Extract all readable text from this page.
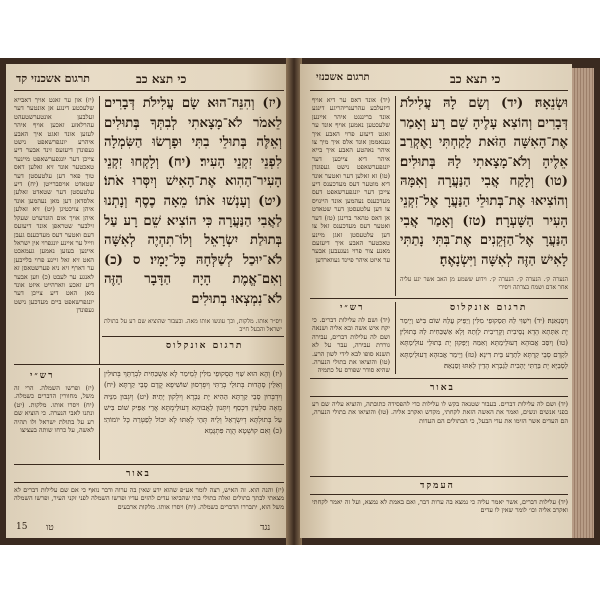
תרגום אשכנזי קד	כי תצא כב
(יז) און ער זאגט אויך דאבייא שלעכטע דינגע אן אונטער דער זעלבען אונטערשטעהט עהרלאזע זאכען אויף איהר לעזען אונד זאגט איך האבע איהרע יונגפרשאפט נישט געפונדן דיעזעס זינד אבער דיע צייכן דער יונגפערשאפט מיינער טאכטער אונד זיא זאלען דאס טוך פאר דען עלטעסטן דער שטאדט אויסברייטן (יח) דיע עלטעסטן דער שטאדט זאלען אלסדאן דען מאן נעהמען אונד איהן צויכטיגן (יט) זיא זאלען איהן אויך אום הונדערט שעקל זילבער שטראפן אונד דיעזעס דעם ואטער דעס מעדכענס געבן ווייל ער איינע יונגפרוי אין ישראל איינען בעזען נאמען געמאכט האט זיא זאל זיינע פרוי בלייבען ער דארף זיא ניא פערשטאסן זא לאנגע ער לעבט (כ) ווען אבער דיע זאכע ווארהייט איזט אונד מאן האט דיע צייכן דער יונגפרשאפט ביים מעדכען נישט געפונדן
(יז) וְהִנֵּה־הוּא שָׂם עֲלִילֹת דְּבָרִים לֵאמֹר לֹא־מָצָאתִי לְבִתְּךָ בְּתוּלִים וְאֵלֶּה בְּתוּלֵי בִתִּי וּפָרְשׂוּ הַשִּׂמְלָה לִפְנֵי זִקְנֵי הָעִיר׃ (יח) וְלָקְחוּ זִקְנֵי הָעִיר־הַהִוא אֶת־הָאִישׁ וְיִסְּרוּ אֹתוֹ׃ (יט) וְעָנְשׁוּ אֹתוֹ מֵאָה כֶסֶף וְנָתְנוּ לַאֲבִי הַנַּעֲרָה כִּי הוֹצִיא שֵׁם רָע עַל בְּתוּלַת יִשְׂרָאֵל וְלוֹ־תִהְיֶה לְאִשָּׁה לֹא־יוּכַל לְשַׁלְּחָהּ כָּל־יָמָיו׃ ס (כ) וְאִם־אֱמֶת הָיָה הַדָּבָר הַזֶּה לֹא־נִמְצְאוּ בְתוּלִים
ויס״ר אותו. מלקות, וכך עונשו אותו מאה. ובעבור שהוציא שם רע על בתולת ישראל והבעל חייב
תרגום אונקלוס
רש״י
(יז) ופרשו השמלה. הרי זה משל, מחוורין הדברים כשמלה. (יח) ויסרו אותו. מלקות. (יט) ונתנו לאבי הנערה. כי הוציא שם רע על בתולת ישראל ולו תהיה לאשה, על כרחו שותה בעציצו
(יז) וְהָא הוּא שַׁוִּי תַּסְקוּפֵי מִלִּין לְמֵימַר לָא אַשְׁכַּחִית לִבְרַתָּךְ בְּתוּלִין וְאִלֵּין סָהֲדוּת בְּתוּלֵי בְרַתִּי וְיִפְרְסוּן שׁוֹשִׁיפָא קֳדָם סָבֵי קַרְתָּא׃ (יח) וְיִדְבְּרוּן סָבֵי קַרְתָּא הַהִיא יָת גַּבְרָא וְיִלְקוּן יָתֵיהּ׃ (יט) וְיִגְבּוּן מִנֵּיהּ מְאָה סִלְעִין דִּכְסַף וְיִתְּנוּן לַאֲבוּהָא דְעוּלֵימְתָּא אֲרֵי אַפֵּיק שׁוֹם בִּישׁ עַל בְּתוּלְתָּא דְיִשְׂרָאֵל וְלֵיהּ תְּהֵי לְאִתּוּ לָא יִכּוֹל לְפַטְּרַהּ כָּל יוֹמוֹהִי׃ (כ) וְאִם קוּשְׁטָא הֲוָה פִּתְגָּמָא
באור
(יז) והנה הוא. זה האיש, רצה לומר אע״פ שהוא ידע שאין בה ערוה ודבר נואף כי אם שם עלילות דברים לא מצאתי לבתך בתולים ואלה בתולי בתי שהביאו עדים להזים עדיו ופרשו השמלה לפני זקני העיר, ופרשו השמלה משל הוא, יתבררו הדברים כשמלה. (יח) ויסרו אותו. מלקות ארבעים
נגד
טו
15
תרגום אשכנזי	כי תצא כב
(יד) אונד דאס ער דיא אויף דיזעלבע עהרענריהריגע דינגע אונד בריננגט איהר איינען שלעכטען נאמען אויף אונד ער זאגט דיעזע פרוי האבע איך גענאממן אונד אלס איך מיך צו איהר נאהטע האבע איך בייא איהר דיא צייכען דער יונגפערשאפט נישט געפונדן (טו) זא זאלען דער ואטער אונד דיא מוטער דעס מעדכענס דיע צייכן דער יונגפערשאפט דעס מעדכענס נעהמען אונד היינויס צו דען עלטעסטן דער שטאדט אן דאס טהאר ברינגן (טז) דער ואטער דעס מעדכענס זאל צו דען עלטעסטן זאגן מיינע טאכטער האבע איך דיעזעם מאנע צור פרוי געגעבען אבער ער איזט איהר פיינד געווארדען
וּשְׂנֵאָהּ׃ (יד) וְשָׂם לָהּ עֲלִילֹת דְּבָרִים וְהוֹצִא עָלֶיהָ שֵׁם רָע וְאָמַר אֶת־הָאִשָּׁה הַזֹּאת לָקַחְתִּי וָאֶקְרַב אֵלֶיהָ וְלֹא־מָצָאתִי לָהּ בְּתוּלִים׃ (טו) וְלָקַח אֲבִי הַנַּעֲרָה וְאִמָּהּ וְהוֹצִיאוּ אֶת־בְּתוּלֵי הַנַּעֲרָ אֶל־זִקְנֵי הָעִיר הַשָּׁעְרָה׃ (טז) וְאָמַר אֲבִי הַנַּעֲרָ אֶל־הַזְּקֵנִים אֶת־בִּתִּי נָתַתִּי לָאִישׁ הַזֶּה לְאִשָּׁה וַיִּשְׂנָאֶהָ׃
הנערה ק׳. הנערה ק׳. הנערה ק׳. וידוע ששמע מן האב אשר יגע עליה אחר אדם ושמח בצרתה ויסירי
תרגום אונקלוס
רש״י
(יד) ושם לה עלילות דברים. כי יקח איש אשה ובא אליה ושנאה ושם לה עלילות דברים, עבירה גוררת עבירה, עבר על לא תשנא סופו לבא לידי לשון הרע. (טו) והוציאו את בתולי הנערה. שהיא סודר שפורס על כתמיה
וְיִסְנְאִנַּהּ׃ (יד) וִישַׁוִּי לַהּ תַּסְקוּפֵי מִלִּין וְיַפֵּיק עֲלַהּ שׁוֹם בִּישׁ וְיֵימַר יָת אִתְּתָא הָדָא נְסֵיבִית וְקָרֵיבִית לְוָתַהּ וְלָא אַשְׁכַּחִית לַהּ בְּתוּלִין׃ (טו) וְיִסַּב אֲבוּהָא דְעוּלֵימְתָּא וְאִמַּהּ וְיַפְּקוּן יָת בְּתוּלֵי עוּלֵימְתָּא לִקְדָם סָבֵי קַרְתָּא לִתְרַע בֵּית דִּינָא׃ (טז) וְיֵימַר אֲבוּהָא דְעוּלֵימְתָּא לְסָבַיָּא יָת בְּרַתִּי יְהָבִית לְגַבְרָא הָדֵין לְאִתּוּ וְסַנְאַהּ׃
באור
(יד) ושם לה עלילות דברים. בעבור שטנאה בקש לו עלילות כדי להפסידה כתובתה, והוציא עליה שם רע בפני אנשים ונשים, ואמר את האשה הזאת לקחתי, מקדש ואקרב אליה. (טו) והוציאו את בתולי הנערה, הם העדים אשר הזימו את עדי הבעל, כי הבתולים הם העדות
העמקד
(יד) עלילות דברים, אשר יאמר עליה כי נמצא בה ערות דבר, ואם באמת לא נמצא, ועל זה יאמר לקחתי ואקרב אליה וכו׳ לומר שאין לו עדים
